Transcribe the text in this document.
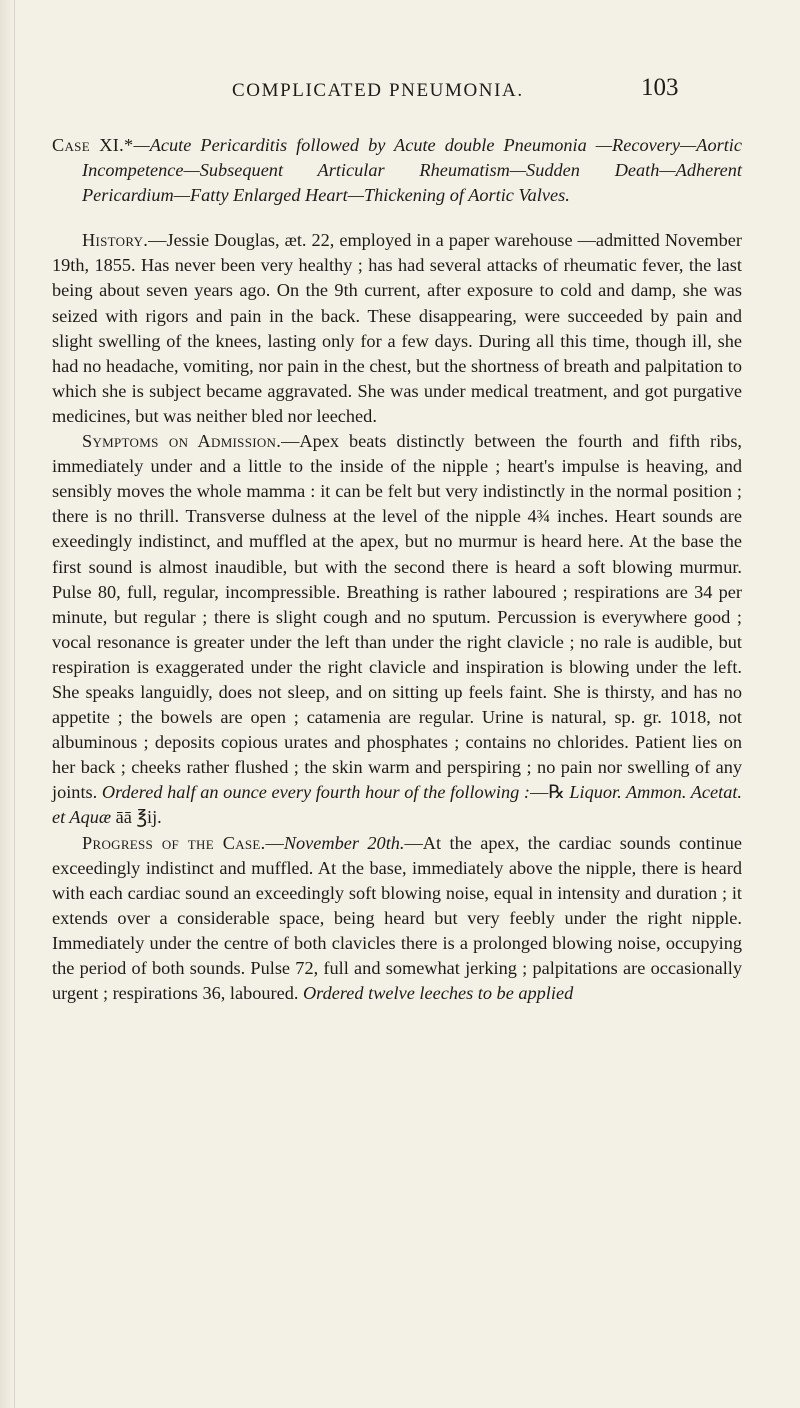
COMPLICATED PNEUMONIA.	103

Case XI.*—Acute Pericarditis followed by Acute double Pneumonia —Recovery—Aortic Incompetence—Subsequent Articular Rheumatism—Sudden Death—Adherent Pericardium—Fatty Enlarged Heart—Thickening of Aortic Valves.

History.—Jessie Douglas, æt. 22, employed in a paper warehouse —admitted November 19th, 1855. Has never been very healthy ; has had several attacks of rheumatic fever, the last being about seven years ago. On the 9th current, after exposure to cold and damp, she was seized with rigors and pain in the back. These disappearing, were succeeded by pain and slight swelling of the knees, lasting only for a few days. During all this time, though ill, she had no headache, vomiting, nor pain in the chest, but the shortness of breath and palpitation to which she is subject became aggravated. She was under medical treatment, and got purgative medicines, but was neither bled nor leeched.

Symptoms on Admission.—Apex beats distinctly between the fourth and fifth ribs, immediately under and a little to the inside of the nipple ; heart's impulse is heaving, and sensibly moves the whole mamma : it can be felt but very indistinctly in the normal position ; there is no thrill. Transverse dulness at the level of the nipple 4¾ inches. Heart sounds are exeedingly indistinct, and muffled at the apex, but no murmur is heard here. At the base the first sound is almost inaudible, but with the second there is heard a soft blowing murmur. Pulse 80, full, regular, incompressible. Breathing is rather laboured ; respirations are 34 per minute, but regular ; there is slight cough and no sputum. Percussion is everywhere good ; vocal resonance is greater under the left than under the right clavicle ; no rale is audible, but respiration is exaggerated under the right clavicle and inspiration is blowing under the left. She speaks languidly, does not sleep, and on sitting up feels faint. She is thirsty, and has no appetite ; the bowels are open ; catamenia are regular. Urine is natural, sp. gr. 1018, not albuminous ; deposits copious urates and phosphates ; contains no chlorides. Patient lies on her back ; cheeks rather flushed ; the skin warm and perspiring ; no pain nor swelling of any joints. Ordered half an ounce every fourth hour of the following :—℞ Liquor. Ammon. Acetat. et Aquæ āā ℥ij.

Progress of the Case.—November 20th.—At the apex, the cardiac sounds continue exceedingly indistinct and muffled. At the base, immediately above the nipple, there is heard with each cardiac sound an exceedingly soft blowing noise, equal in intensity and duration ; it extends over a considerable space, being heard but very feebly under the right nipple. Immediately under the centre of both clavicles there is a prolonged blowing noise, occupying the period of both sounds. Pulse 72, full and somewhat jerking ; palpitations are occasionally urgent ; respirations 36, laboured. Ordered twelve leeches to be applied
